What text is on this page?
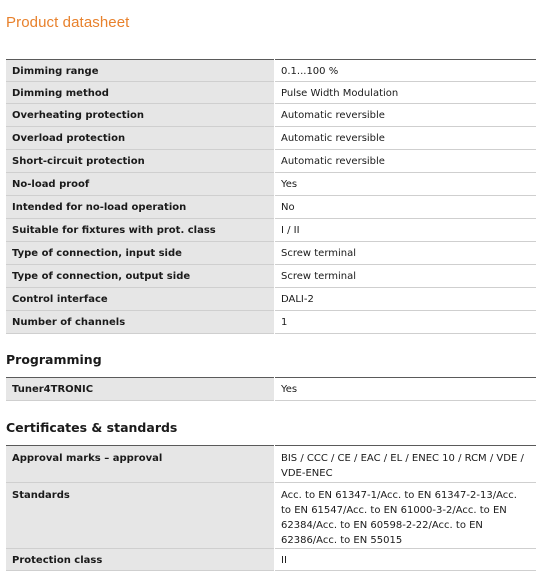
Product datasheet
Dimming range	0.1...100 %
Dimming method	Pulse Width Modulation
Overheating protection	Automatic reversible
Overload protection	Automatic reversible
Short-circuit protection	Automatic reversible
No-load proof	Yes
Intended for no-load operation	No
Suitable for fixtures with prot. class	I / II
Type of connection, input side	Screw terminal
Type of connection, output side	Screw terminal
Control interface	DALI-2
Number of channels	1
Programming
Tuner4TRONIC	Yes
Certificates & standards
Approval marks – approval	BIS / CCC / CE / EAC / EL / ENEC 10 / RCM / VDE / VDE-ENEC
Standards	Acc. to EN 61347-1/Acc. to EN 61347-2-13/Acc. to EN 61547/Acc. to EN 61000-3-2/Acc. to EN 62384/Acc. to EN 60598-2-22/Acc. to EN 62386/Acc. to EN 55015
Protection class	II
